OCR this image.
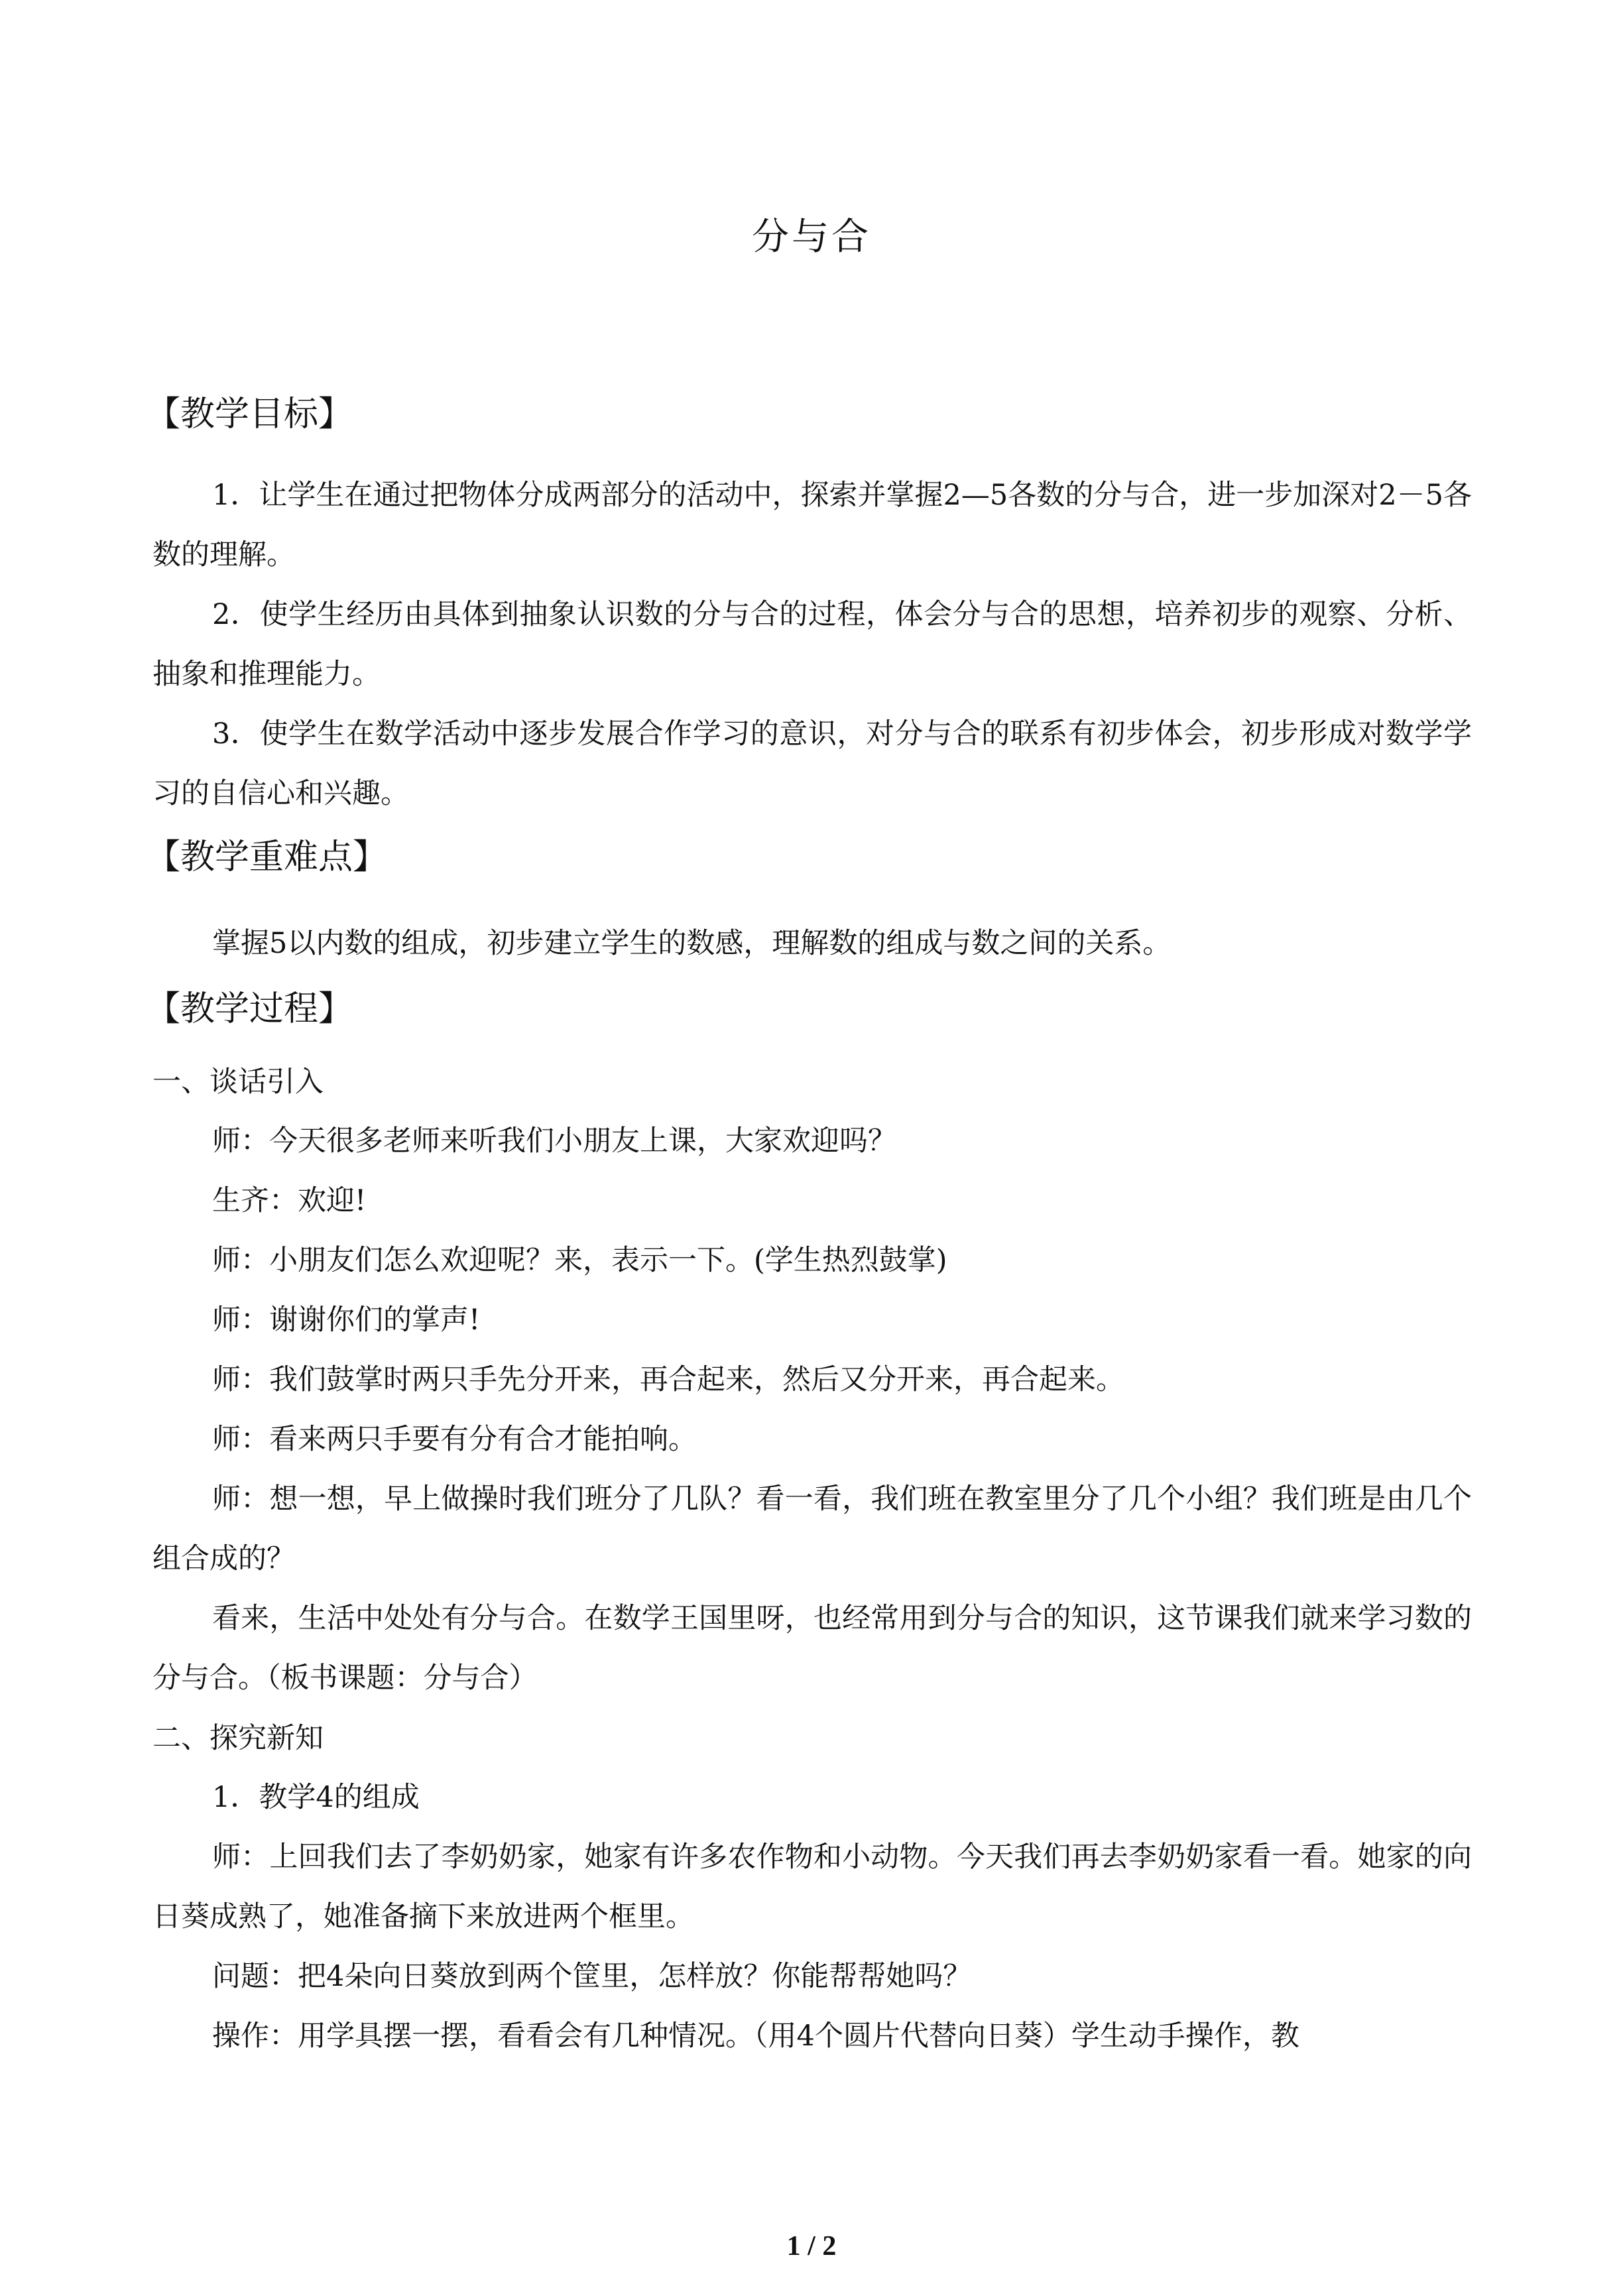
分与合
【教学目标】
1．让学生在通过把物体分成两部分的活动中，探索并掌握2—5各数的分与合，进一步加深对2－5各数的理解。
2．使学生经历由具体到抽象认识数的分与合的过程，体会分与合的思想，培养初步的观察、分析、抽象和推理能力。
3．使学生在数学活动中逐步发展合作学习的意识，对分与合的联系有初步体会，初步形成对数学学习的自信心和兴趣。
【教学重难点】
掌握5以内数的组成，初步建立学生的数感，理解数的组成与数之间的关系。
【教学过程】
一、谈话引入
师：今天很多老师来听我们小朋友上课，大家欢迎吗？
生齐：欢迎!
师：小朋友们怎么欢迎呢？来，表示一下。(学生热烈鼓掌)
师：谢谢你们的掌声!
师：我们鼓掌时两只手先分开来，再合起来，然后又分开来，再合起来。
师：看来两只手要有分有合才能拍响。
师：想一想，早上做操时我们班分了几队？看一看，我们班在教室里分了几个小组？我们班是由几个组合成的？
看来，生活中处处有分与合。在数学王国里呀，也经常用到分与合的知识，这节课我们就来学习数的分与合。（板书课题：分与合）
二、探究新知
1．教学4的组成
师：上回我们去了李奶奶家，她家有许多农作物和小动物。今天我们再去李奶奶家看一看。她家的向日葵成熟了，她准备摘下来放进两个框里。
问题：把4朵向日葵放到两个筐里，怎样放？你能帮帮她吗？
操作：用学具摆一摆，看看会有几种情况。（用4个圆片代替向日葵）学生动手操作，教
1 / 2
